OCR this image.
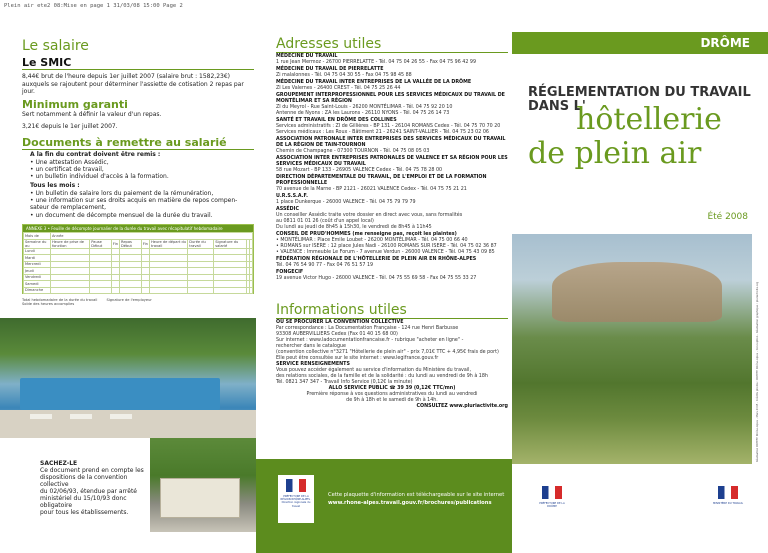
Plein air ete2 08:Mise en page 1 31/03/08 15:00 Page 2
Le salaire
Le SMIC
8,44€ brut de l'heure depuis 1er juillet 2007 (salaire brut : 1582,23€) auxquels se rajoutent pour déterminer l'assiette de cotisation 2 repas par jour.
Minimum garanti
Sert notamment à définir la valeur d'un repas.
3,21€ depuis le 1er juillet 2007.
Documents à remettre au salarié
A la fin du contrat doivent être remis :
• Une attestation Assédic,
• un certificat de travail,
• un bulletin individuel d'accès à la formation.
Tous les mois :
• Un bulletin de salaire lors du paiement de la rémunération,
• une information sur ses droits acquis en matière de repos compen-
sateur de remplacement,
• un document de décompte mensuel de la durée du travail.
ANNEXE 3 • Feuille de décompte journalier de la durée du travail avec récapitulatif hebdomadaire
Mois de	Année									
Semaine du au	Heure de prise de fonction	Pause Début	Fin	Repas Début	Fin	Heure de départ du travail	Durée du travail	Signature du salarié		
Lundi										
Mardi										
Mercredi										
Jeudi										
Vendredi										
Samedi										
Dimanche										
Total hebdomadaire de la durée du travail	Signature de l'employeur
Solde des heures accomplies
SACHEZ-LE
Ce document prend en compte les
dispositions de la convention collective
du 02/06/93, étendue par arrêté
ministériel du 15/10/93 donc obligatoire
pour tous les établissements.
Adresses utiles
MÉDECINE DU TRAVAIL
1 rue Jean Mermoz - 26700 PIERRELATTE - Tél. 04 75 04 26 55 - Fax 04 75 96 42 99
MÉDECINE DU TRAVAIL DE PIERRELATTE
Zi malalonnes - Tél. 04 75 04 30 55 - Fax 04 75 98 45 88
MÉDECINE DU TRAVAIL INTER ENTREPRISES DE LA VALLÉE DE LA DRÔME
ZI Les Valernes - 26400 CREST - Tél. 04 75 25 26 44
GROUPEMENT INTERPROFESSIONNEL POUR LES SERVICES MÉDICAUX DU TRAVAIL DE MONTÉLIMAR ET SA RÉGION
ZI du Meyrol - Rue Saint-Louis - 26200 MONTÉLIMAR - Tél. 04 75 92 20 10
Antenne de Nyons : ZA les Laurons - 26110 NYONS - Tél. 04 75 26 14 73
SANTÉ ET TRAVAIL EN DRÔME DES COLLINES
Services administratifs : ZI de Gillières - BP 131 - 26104 ROMANS Cedex - Tél. 04 75 70 70 20
Services médicaux : Les Roux - Bâtiment 21 - 26241 SAINT-VALLIER - Tél. 04 75 23 02 06
ASSOCIATION PATRONALE INTER ENTREPRISES DES SERVICES MÉDICAUX DU TRAVAIL DE LA RÉGION DE TAIN-TOURNON
Chemin de Champagne - 07300 TOURNON - Tél. 04 75 08 05 03
ASSOCIATION INTER ENTREPRISES PATRONALES DE VALENCE ET SA RÉGION POUR LES SERVICES MÉDICAUX DU TRAVAIL
58 rue Mozart - BP 133 - 26905 VALENCE Cedex - Tél. 04 75 78 28 00
DIRECTION DÉPARTEMENTALE DU TRAVAIL, DE L'EMPLOI ET DE LA FORMATION PROFESSIONNELLE
70 avenue de la Marne - BP 2121 - 26021 VALENCE Cedex - Tél. 04 75 75 21 21
U.R.S.S.A.F.
1 place Dunkerque - 26000 VALENCE - Tél. 04 75 79 79 79
ASSÉDIC
Un conseiller Assédic traite votre dossier en direct avec vous, sans formalités
au 0811 01 01 26 (coût d'un appel local)
Du lundi au jeudi de 8h45 à 15h30, le vendredi de 8h45 à 11h45
CONSEIL DE PRUD'HOMMES (me renseigne pas, reçoit les plaintes)
• MONTÉLIMAR : Place Emile Loubet - 26200 MONTÉLIMAR - Tél. 04 75 00 66 40
• ROMANS sur ISERE : 12 place Jules Nadi - 26100 ROMANS SUR ISERE - Tél. 04 75 02 36 87
• VALENCE : Immeuble Le Forum - 7 avenue Verdun - 26000 VALENCE - Tél. 04 75 43 09 85
FÉDÉRATION RÉGIONALE DE L'HÔTELLERIE DE PLEIN AIR EN RHÔNE-ALPES
Tél. 04 76 54 90 77 - Fax 04 76 51 57 19
FONGECIF
19 avenue Victor Hugo - 26000 VALENCE - Tél. 04 75 55 69 58 - Fax 04 75 55 33 27
Informations utiles
OÙ SE PROCURER LA CONVENTION COLLECTIVE
Par correspondance : La Documentation Française - 124 rue Henri Barbusse
93308 AUBERVILLIERS Cedex (Fax 01 40 15 68 00)
Sur internet : www.ladocumentationfrancaise.fr - rubrique "acheter en ligne" -
rechercher dans le catalogue
(convention collective n°3271 "Hôtellerie de plein air" - prix 7,01€ TTC + 4,95€ frais de port)
Elle peut être consultée sur le site internet : www.legifrance.gouv.fr
SERVICE RENSEIGNEMENTS
Vous pouvez accéder également au service d'information du Ministère du travail,
des relations sociales, de la famille et de la solidarité : du lundi au vendredi de 9h à 18h
Tél. 0821 347 347 - Travail Info Service (0,12€ la minute)
ALLO SERVICE PUBLIC ☎ 39 39 (0,12€ TTC/mn)
Première réponse à vos questions administratives du lundi au vendredi
de 9h à 18h et le samedi de 9h à 14h.
CONSULTEZ www.pluriactivite.org
PRÉFECTURE DE LA RÉGION RHÔNE-ALPES · Direction régionale du travail
Cette plaquette d'information est téléchargeable sur le site internet
www.rhone-alpes.travail.gouv.fr/brochures/publications
DRÔME
RÉGLEMENTATION DU TRAVAIL
DANS L'
hôtellerie
de plein air
Été 2008
Réalisation DRTEFP Rhône-Alpes - Mars 2008 - Crédits photos : DRTEFP Rhône-Alpes - Conception - Réalisation graphique : pluriactivite.org
PRÉFECTURE DE LA DRÔME
MINISTÈRE DU TRAVAIL
